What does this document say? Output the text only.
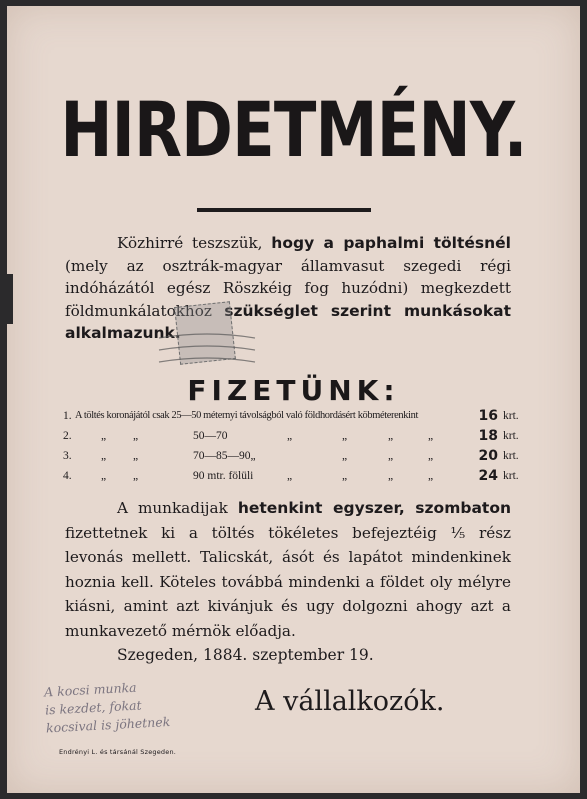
HIRDETMÉNY.
Közhirré teszszük, hogy a paphalmi töltésnél (mely az osztrák-magyar államvasut szegedi régi indóházától egész Röszkéig fog huzódni) megkezdett földmunkálatokhoz szükséglet szerint munkásokat alkalmazunk.
FIZETÜNK:
1. A töltés koronájától csak 25—50 méternyi távolságból való földhordásért köbméterenkint	16 krt.
2.	„ „	50—70	„	„	„	„	18 krt.
3.	„ „	70—85—90„	„	„	„	20 krt.
4.	„ „	90 mtr. fölüli	„	„	„	„	24 krt.
A munkadijak hetenkint egyszer, szombaton fizettetnek ki a töltés tökéletes befejeztéig ¹⁄₅ rész levonás mellett. Talicskát, ásót és lapátot mindenkinek hoznia kell. Köteles továbbá mindenki a földet oly mélyre kiásni, amint azt kivánjuk és ugy dolgozni ahogy azt a munkavezető mérnök előadja.
Szegeden, 1884. szeptember 19.
A kocsi munka
is kezdet, fokat
kocsival is jöhetnek
A vállalkozók.
Endrényi L. és társánál Szegeden.
